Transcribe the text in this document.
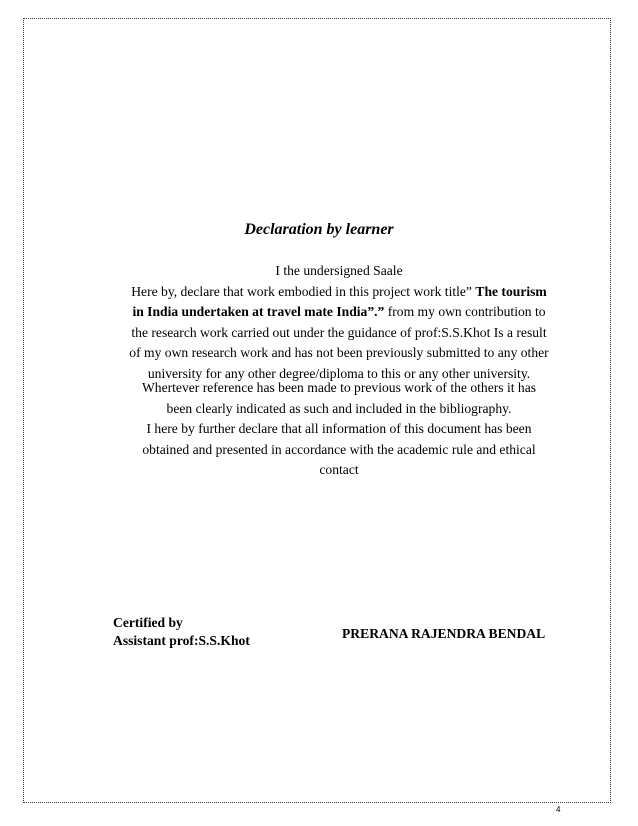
Declaration by learner
I the undersigned Saale
Here by, declare that work embodied in this project work title” The tourism
in India undertaken at travel mate India”.” from my own contribution to
the research work carried out under the guidance of prof:S.S.Khot Is a result
of my own research work and has not been previously submitted to any other
university for any other degree/diploma to this or any other university.
Whertever reference has been made to previous work of the others it has
been clearly indicated as such and included in the bibliography.
I here by further declare that all information of this document has been
obtained and presented in accordance with the academic rule and ethical
contact
Certified by
Assistant prof:S.S.Khot	PRERANA RAJENDRA BENDAL
4
